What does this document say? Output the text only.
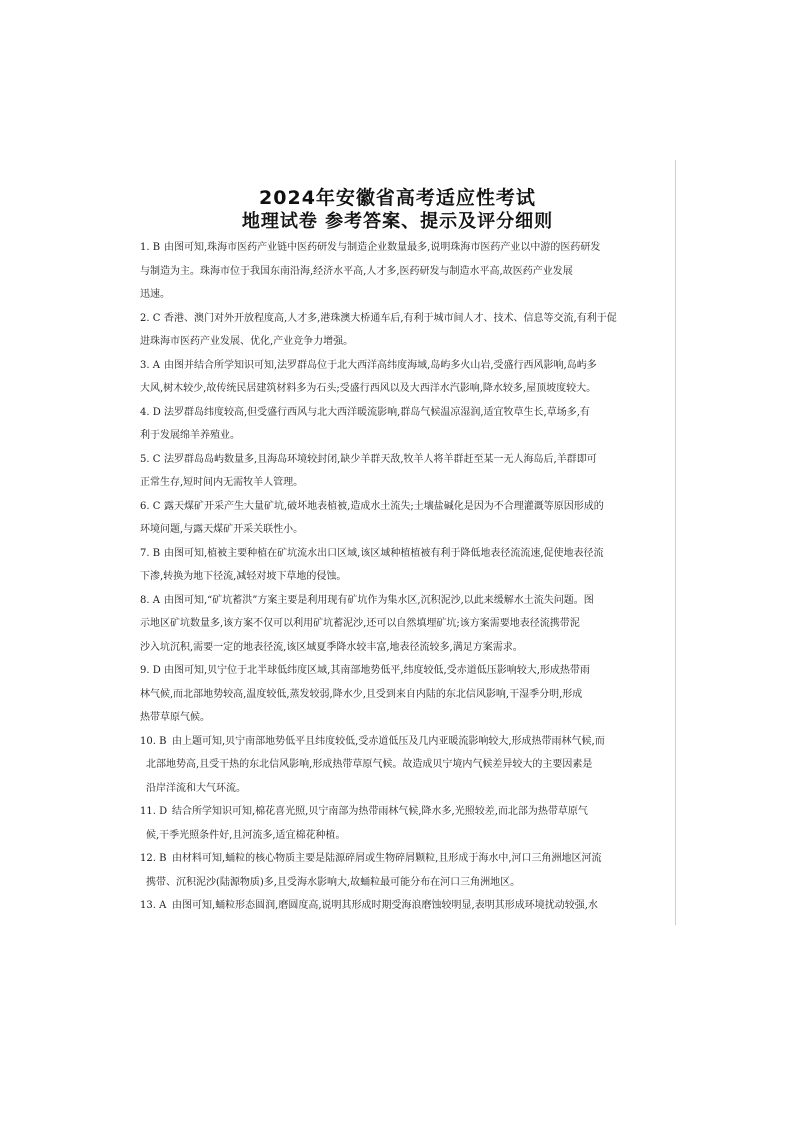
2024年安徽省高考适应性考试
地理试卷 参考答案、提示及评分细则
1. B 由图可知,珠海市医药产业链中医药研发与制造企业数量最多,说明珠海市医药产业以中游的医药研发
与制造为主。珠海市位于我国东南沿海,经济水平高,人才多,医药研发与制造水平高,故医药产业发展
迅速。
2. C 香港、澳门对外开放程度高,人才多,港珠澳大桥通车后,有利于城市间人才、技术、信息等交流,有利于促
进珠海市医药产业发展、优化,产业竞争力增强。
3. A 由图并结合所学知识可知,法罗群岛位于北大西洋高纬度海域,岛屿多火山岩,受盛行西风影响,岛屿多
大风,树木较少,故传统民居建筑材料多为石头;受盛行西风以及大西洋水汽影响,降水较多,屋顶坡度较大。
4. D 法罗群岛纬度较高,但受盛行西风与北大西洋暖流影响,群岛气候温凉湿润,适宜牧草生长,草场多,有
利于发展绵羊养殖业。
5. C 法罗群岛岛屿数量多,且海岛环境较封闭,缺少羊群天敌,牧羊人将羊群赶至某一无人海岛后,羊群即可
正常生存,短时间内无需牧羊人管理。
6. C 露天煤矿开采产生大量矿坑,破坏地表植被,造成水土流失;土壤盐碱化是因为不合理灌溉等原因形成的
环境问题,与露天煤矿开采关联性小。
7. B 由图可知,植被主要种植在矿坑流水出口区域,该区域种植植被有利于降低地表径流流速,促使地表径流
下渗,转换为地下径流,减轻对坡下草地的侵蚀。
8. A 由图可知,“矿坑蓄洪”方案主要是利用现有矿坑作为集水区,沉积泥沙,以此来缓解水土流失问题。图
示地区矿坑数量多,该方案不仅可以利用矿坑蓄泥沙,还可以自然填埋矿坑;该方案需要地表径流携带泥
沙入坑沉积,需要一定的地表径流,该区域夏季降水较丰富,地表径流较多,满足方案需求。
9. D 由图可知,贝宁位于北半球低纬度区域,其南部地势低平,纬度较低,受赤道低压影响较大,形成热带雨
林气候,而北部地势较高,温度较低,蒸发较弱,降水少,且受到来自内陆的东北信风影响,干湿季分明,形成
热带草原气候。
10. B 由上题可知,贝宁南部地势低平且纬度较低,受赤道低压及几内亚暖流影响较大,形成热带雨林气候,而
北部地势高,且受干热的东北信风影响,形成热带草原气候。故造成贝宁境内气候差异较大的主要因素是
沿岸洋流和大气环流。
11. D 结合所学知识可知,棉花喜光照,贝宁南部为热带雨林气候,降水多,光照较差,而北部为热带草原气
候,干季光照条件好,且河流多,适宜棉花种植。
12. B 由材料可知,蛹粒的核心物质主要是陆源碎屑或生物碎屑颗粒,且形成于海水中,河口三角洲地区河流
携带、沉积泥沙(陆源物质)多,且受海水影响大,故蛹粒最可能分布在河口三角洲地区。
13. A 由图可知,蛹粒形态圆润,磨圆度高,说明其形成时期受海浪磨蚀较明显,表明其形成环境扰动较强,水
